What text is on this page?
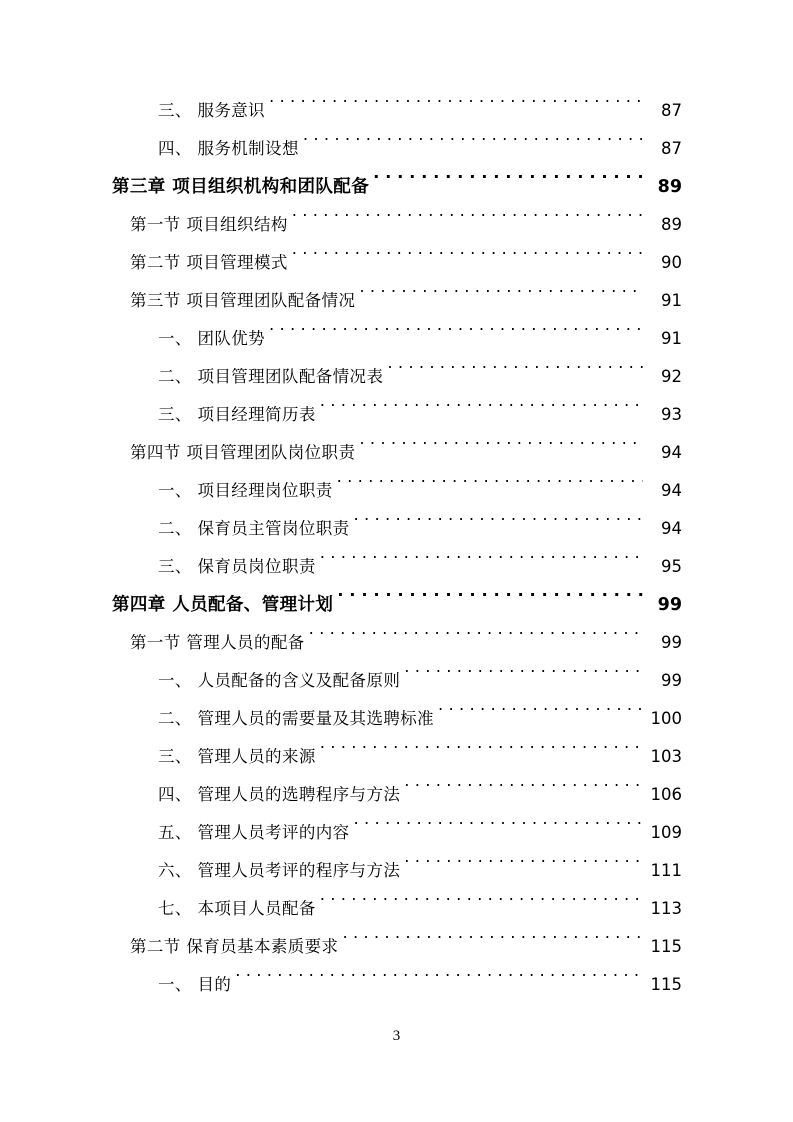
三、 服务意识 . . .	87
四、 服务机制设想 . . .	87
第三章 项目组织机构和团队配备 . . .	89
第一节 项目组织结构 . . .	89
第二节 项目管理模式 . . .	90
第三节 项目管理团队配备情况 . . .	91
一、 团队优势 . . .	91
二、 项目管理团队配备情况表 . . .	92
三、 项目经理简历表 . . .	93
第四节 项目管理团队岗位职责 . . .	94
一、 项目经理岗位职责 . . .	94
二、 保育员主管岗位职责 . . .	94
三、 保育员岗位职责 . . .	95
第四章 人员配备、管理计划 . . .	99
第一节 管理人员的配备 . . .	99
一、 人员配备的含义及配备原则 . . .	99
二、 管理人员的需要量及其选聘标准 . . .	100
三、 管理人员的来源 . . .	103
四、 管理人员的选聘程序与方法 . . .	106
五、 管理人员考评的内容 . . .	109
六、 管理人员考评的程序与方法 . . .	111
七、 本项目人员配备 . . .	113
第二节 保育员基本素质要求 . . .	115
一、 目的 . . .	115
3
